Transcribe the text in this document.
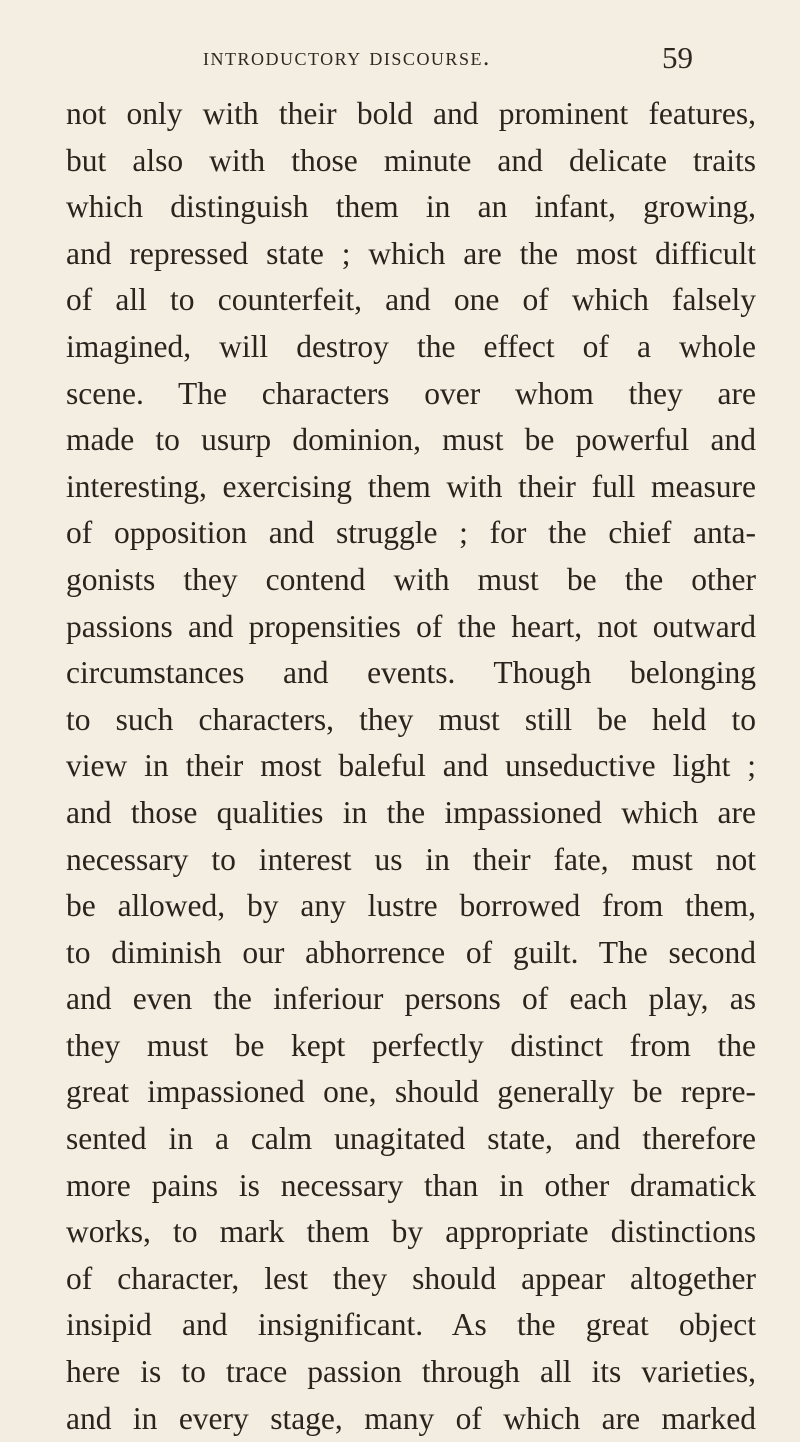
introductory discourse.	59
not only with their bold and prominent features,
but also with those minute and delicate traits
which distinguish them in an infant, growing,
and repressed state ; which are the most difficult
of all to counterfeit, and one of which falsely
imagined, will destroy the effect of a whole
scene. The characters over whom they are
made to usurp dominion, must be powerful and
interesting, exercising them with their full measure
of opposition and struggle ; for the chief anta-
gonists they contend with must be the other
passions and propensities of the heart, not outward
circumstances and events. Though belonging
to such characters, they must still be held to
view in their most baleful and unseductive light ;
and those qualities in the impassioned which are
necessary to interest us in their fate, must not
be allowed, by any lustre borrowed from them,
to diminish our abhorrence of guilt. The second
and even the inferiour persons of each play, as
they must be kept perfectly distinct from the
great impassioned one, should generally be repre-
sented in a calm unagitated state, and therefore
more pains is necessary than in other dramatick
works, to mark them by appropriate distinctions
of character, lest they should appear altogether
insipid and insignificant. As the great object
here is to trace passion through all its varieties,
and in every stage, many of which are marked
